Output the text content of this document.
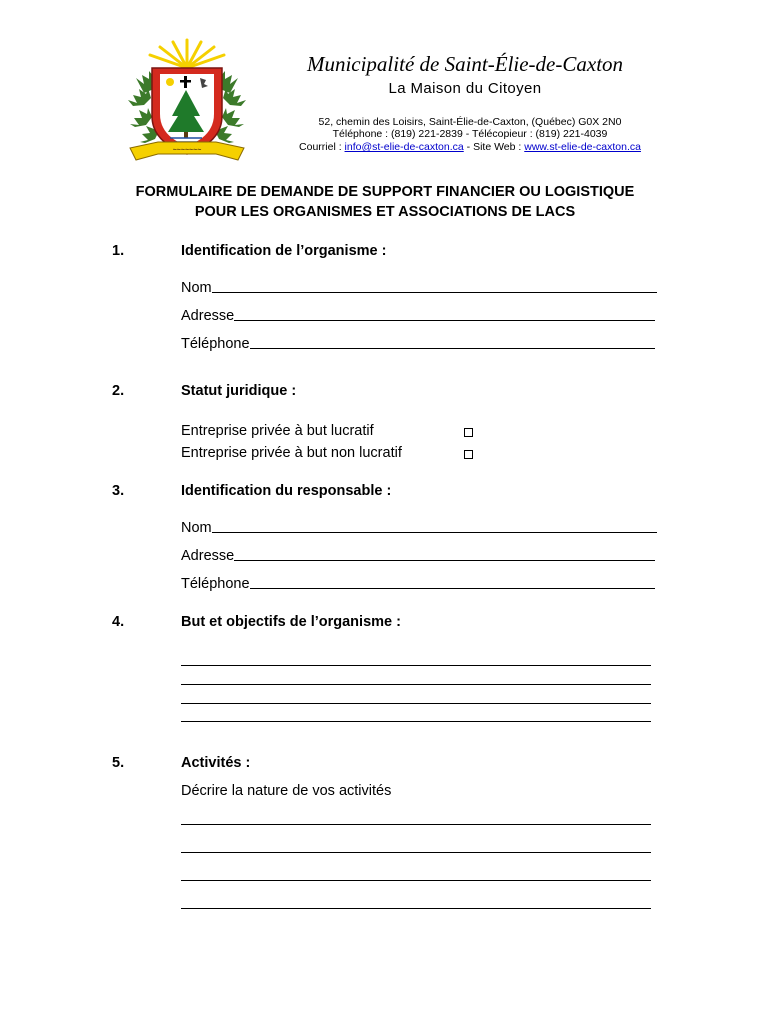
~~~~~~~
Municipalité de Saint-Élie-de-Caxton
La Maison du Citoyen
52, chemin des Loisirs, Saint-Élie-de-Caxton, (Québec) G0X 2N0
Téléphone : (819) 221-2839 - Télécopieur : (819) 221-4039
Courriel : info@st-elie-de-caxton.ca - Site Web : www.st-elie-de-caxton.ca
FORMULAIRE DE DEMANDE DE SUPPORT FINANCIER OU LOGISTIQUE
POUR LES ORGANISMES ET ASSOCIATIONS DE LACS
1.	Identification de l’organisme :
Nom
Adresse
Téléphone
2.	Statut juridique :
Entreprise privée à but lucratif
Entreprise privée à but non lucratif
3.	Identification du responsable :
Nom
Adresse
Téléphone
4.	But et objectifs de l’organisme :
5.	Activités :
Décrire la nature de vos activités
